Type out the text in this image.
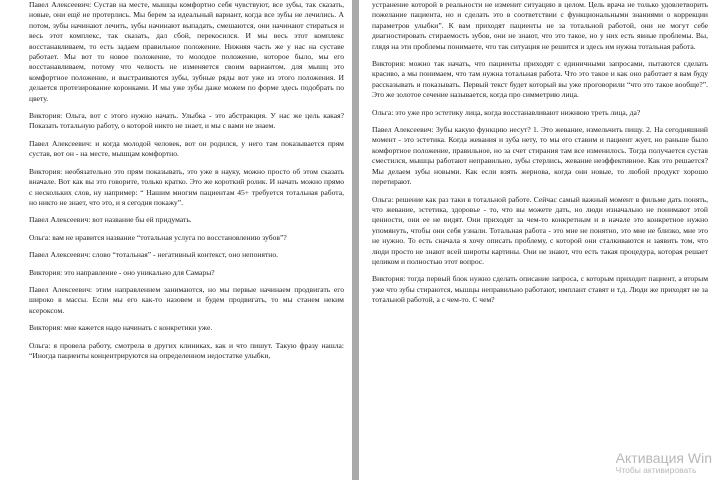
Павел Алексеевич: Сустав на месте, мышцы комфортно себя чувствуют, все зубы, так сказать, новые, они ещё не протерлись. Мы берем за идеальный вариант, когда все зубы не лечились. А потом, зубы начинают лечить, зубы начинают выпадать, смешаются, они начинают стираться и весь этот комплекс, так сказать, дал сбой, перекосился. И мы весь этот комплекс восстанавливаем, то есть задаем правильное положение. Нижняя часть же у нас на суставе работает. Мы вот то новое положение, то молодое положение, которое было, мы его восстанавливаем, потому что челюсть не изменяется своим вариантом, для мышц это комфортное положение, и выстраиваются зубы, зубные ряды вот уже из этого положения. И делается протезирование коронками. И мы уже зубы даже можем по форме здесь подобрать по цвету.

Виктория: Ольга, вот с этого нужно начать. Улыбка - это абстракция. У нас же цель какая? Показать тотальную работу, о которой никто не знает, и мы с вами не знаем.

Павел Алексеевич: и когда молодой человек, вот он родился, у него там показывается прям сустав, вот он - на месте, мышцам комфортно.

Виктория: необязательно это прям показывать, это уже в науку, можно просто об этом сказать вначале. Вот как вы это говорите, только кратко. Это же короткий ролик. И начать можно прямо с нескольких слов, ну например: “ Нашим многим пациентам 45+ требуется тотальная работа, но никто не знает, что это, и я сегодня покажу”.

Павел Алексеевич: вот название бы ей придумать.

Ольга: вам не нравится название “тотальная услуга по восстановлению зубов”?

Павел Алексеевич: слово “тотальная” - негативный контекст, оно непонятно.

Виктория: это направление - оно уникально для Самары?

Павел Алексеевич: этим направлением занимаются, но мы первые начинаем продвигать его широко в массы. Если мы его как-то назовем и будем продвигать, то мы станем неким ксероксом.

Виктория: мне кажется надо начинать с конкретики уже.

Ольга: я провела работу, смотрела в других клиниках, как и что пишут. Такую фразу нашла: “Иногда пациенты концентрируются на определенном недостатке улыбки,

устранение которой в реальности не изменит ситуацию в целом. Цель врача не только удовлетворить пожелание пациента, но и сделать это в соответствии с функциональными знаниями о коррекции параметров улыбки”. К вам приходят пациенты не за тотальной работой, они не могут себе диагностировать стираемость зубов, они не знают, что это такое, но у них есть явные проблемы. Вы, глядя на эти проблемы понимаете, что так ситуация не решится и здесь им нужна тотальная работа.

Виктория: можно так начать, что пациенты приходят с единичными запросами, пытаются сделать красиво, а мы понимаем, что там нужна тотальная работа. Что это такое и как оно работает я вам буду рассказывать и показывать. Первый текст будет который вы уже проговорили “что это такое вообще?”. Это же золотое сечение называется, когда про симметрию лица.

Ольга: это уже про эстетику лица, когда восстанавливают нижнюю треть лица, да?

Павел Алексеевич: Зубы какую функцию несут? 1. Это жевание, измельчить пищу. 2. На сегодняшний момент - это эстетика. Когда жевания и зуба нету, то мы его ставим и пациент жует, но раньше было комфортное положение, правильное, но за счет стирания там все изменилось. Тогда получается сустав сместился, мышцы работают неправильно, зубы стерлись, жевание неэффективное. Как это решается? Мы делаем зубы новыми. Как если взять жернова, когда они новые, то любой продукт хорошо перетирают.

Ольга: решение как раз таки в тотальной работе. Сейчас самый важный момент в фильме дать понять, что жевание, эстетика, здоровье - то, что вы можете дать, но люди изначально не понимают этой ценности, они ее не видят. Они приходят за чем-то конкретным и в начале это конкретное нужно упомянуть, чтобы они себя узнали. Тотальная работа - это мне не понятно, это мне не близко, мне это не нужно. То есть сначала я хочу описать проблему, с которой они сталкиваются и заявить том, что люди просто не знают всей широты картины. Они не знают, что есть такая процедура, которая решает целиком и полностью этот вопрос.

Виктория: тогда первый блок нужно сделать описание запроса, с которым приходит пациент, а вторым уже что зубы стираются, мышцы неправильно работают, имплант ставят и т.д. Люди же приходят не за тотальной работой, а с чем-то. С чем?

Активация Win
Чтобы активировать
